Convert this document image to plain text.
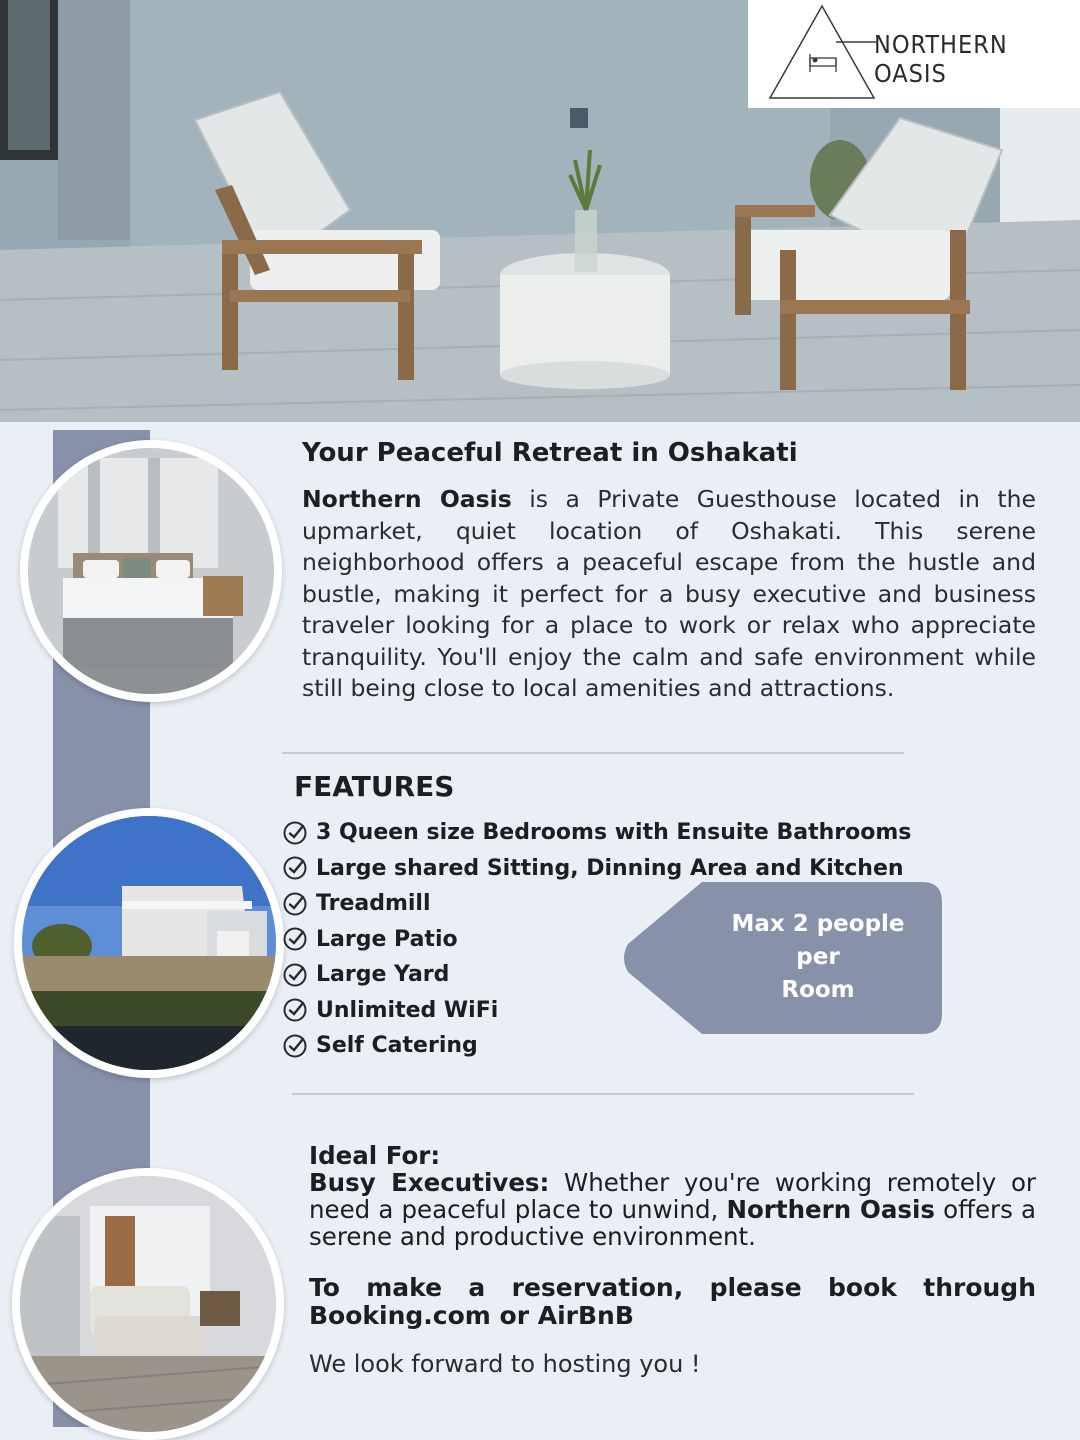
NORTHERN OASIS
Your Peaceful Retreat in Oshakati
Northern Oasis is a Private Guesthouse located in the upmarket, quiet location of Oshakati. This serene neighborhood offers a peaceful escape from the hustle and bustle, making it perfect for a busy executive and business traveler looking for a place to work or relax who appreciate tranquility. You'll enjoy the calm and safe environment while still being close to local amenities and attractions.
FEATURES
3 Queen size Bedrooms with Ensuite Bathrooms
Large shared Sitting, Dinning Area and Kitchen
Treadmill
Large Patio
Large Yard
Unlimited WiFi
Self Catering
Max 2 people
per
Room
Ideal For:
Busy Executives: Whether you're working remotely or need a peaceful place to unwind, Northern Oasis offers a serene and productive environment.
To make a reservation, please book through Booking.com or AirBnB
We look forward to hosting you !
